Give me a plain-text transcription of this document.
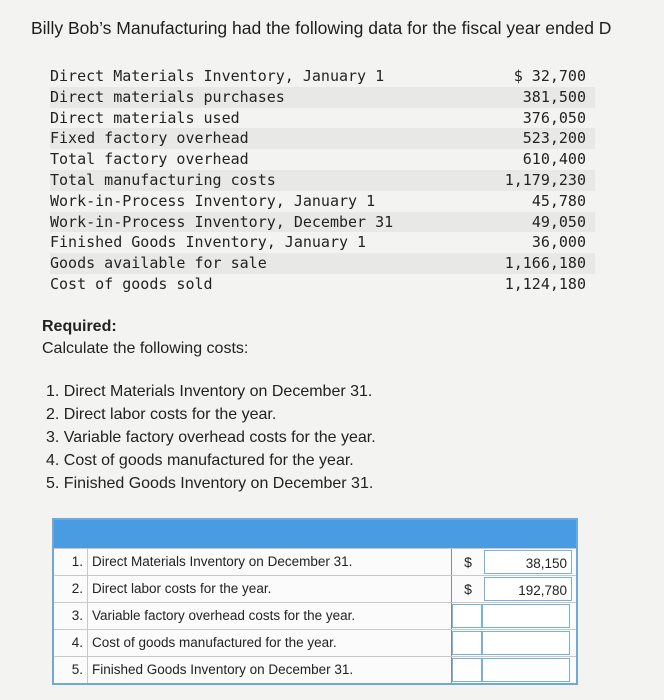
Billy Bob’s Manufacturing had the following data for the fiscal year ended D
Direct Materials Inventory, January 1	$ 32,700
Direct materials purchases	381,500
Direct materials used	376,050
Fixed factory overhead	523,200
Total factory overhead	610,400
Total manufacturing costs	1,179,230
Work-in-Process Inventory, January 1	45,780
Work-in-Process Inventory, December 31	49,050
Finished Goods Inventory, January 1	36,000
Goods available for sale	1,166,180
Cost of goods sold	1,124,180
Required:
Calculate the following costs:
1. Direct Materials Inventory on December 31.
2. Direct labor costs for the year.
3. Variable factory overhead costs for the year.
4. Cost of goods manufactured for the year.
5. Finished Goods Inventory on December 31.
1. Direct Materials Inventory on December 31.	$	38,150
2. Direct labor costs for the year.	$	192,780
3. Variable factory overhead costs for the year.
4. Cost of goods manufactured for the year.
5. Finished Goods Inventory on December 31.
